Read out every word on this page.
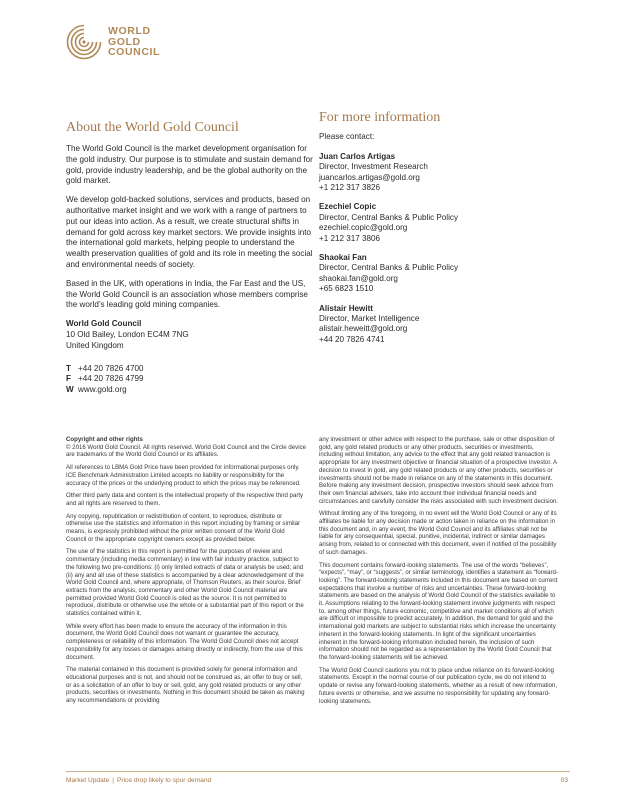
WORLD
GOLD
COUNCIL
About the World Gold Council

The World Gold Council is the market development organisation for the gold industry. Our purpose is to stimulate and sustain demand for gold, provide industry leadership, and be the global authority on the gold market.

We develop gold-backed solutions, services and products, based on authoritative market insight and we work with a range of partners to put our ideas into action. As a result, we create structural shifts in demand for gold across key market sectors. We provide insights into the international gold markets, helping people to understand the wealth preservation qualities of gold and its role in meeting the social and environmental needs of society.

Based in the UK, with operations in India, the Far East and the US, the World Gold Council is an association whose members comprise the world’s leading gold mining companies.

World Gold Council
10 Old Bailey, London EC4M 7NG
United Kingdom
T +44 20 7826 4700
F +44 20 7826 4799
W www.gold.org
For more information
Please contact:
Juan Carlos Artigas
Director, Investment Research
juancarlos.artigas@gold.org
+1 212 317 3826
Ezechiel Copic
Director, Central Banks & Public Policy
ezechiel.copic@gold.org
+1 212 317 3806
Shaokai Fan
Director, Central Banks & Public Policy
shaokai.fan@gold.org
+65 6823 1510
Alistair Hewitt
Director, Market Intelligence
alistair.heweitt@gold.org
+44 20 7826 4741

Copyright and other rights

© 2016 World Gold Council. All rights reserved. World Gold Council and the Circle device are trademarks of the World Gold Council or its affiliates.

All references to LBMA Gold Price have been provided for informational purposes only. ICE Benchmark Administration Limited accepts no liability or responsibility for the accuracy of the prices or the underlying product to which the prices may be referenced.

Other third party data and content is the intellectual property of the respective third party and all rights are reserved to them.

Any copying, republication or redistribution of content, to reproduce, distribute or otherwise use the statistics and information in this report including by framing or similar means, is expressly prohibited without the prior written consent of the World Gold Council or the appropriate copyright owners except as provided below.

The use of the statistics in this report is permitted for the purposes of review and commentary (including media commentary) in line with fair industry practice, subject to the following two pre-conditions: (i) only limited extracts of data or analysis be used; and (ii) any and all use of these statistics is accompanied by a clear acknowledgement of the World Gold Council and, where appropriate, of Thomson Reuters, as their source. Brief extracts from the analysis, commentary and other World Gold Council material are permitted provided World Gold Council is cited as the source. It is not permitted to reproduce, distribute or otherwise use the whole or a substantial part of this report or the statistics contained within it.

While every effort has been made to ensure the accuracy of the information in this document, the World Gold Council does not warrant or guarantee the accuracy, completeness or reliability of this information. The World Gold Council does not accept responsibility for any losses or damages arising directly or indirectly, from the use of this document.

The material contained in this document is provided solely for general information and educational purposes and is not, and should not be construed as, an offer to buy or sell, or as a solicitation of an offer to buy or sell, gold, any gold related products or any other products, securities or investments. Nothing in this document should be taken as making any recommendations or providing

any investment or other advice with respect to the purchase, sale or other disposition of gold, any gold related products or any other products, securities or investments, including without limitation, any advice to the effect that any gold related transaction is appropriate for any investment objective or financial situation of a prospective investor. A decision to invest in gold, any gold related products or any other products, securities or investments should not be made in reliance on any of the statements in this document. Before making any investment decision, prospective investors should seek advice from their own financial advisers, take into account their individual financial needs and circumstances and carefully consider the risks associated with such investment decision.

Without limiting any of the foregoing, in no event will the World Gold Council or any of its affiliates be liable for any decision made or action taken in reliance on the information in this document and, in any event, the World Gold Council and its affiliates shall not be liable for any consequential, special, punitive, incidental, indirect or similar damages arising from, related to or connected with this document, even if notified of the possibility of such damages.

This document contains forward-looking statements. The use of the words “believes”, “expects”, “may”, or “suggests”, or similar terminology, identifies a statement as “forward-looking”. The forward-looking statements included in this document are based on current expectations that involve a number of risks and uncertainties. These forward-looking statements are based on the analysis of World Gold Council of the statistics available to it. Assumptions relating to the forward-looking statement involve judgments with respect to, among other things, future economic, competitive and market conditions all of which are difficult or impossible to predict accurately. In addition, the demand for gold and the international gold markets are subject to substantial risks which increase the uncertainty inherent in the forward-looking statements. In light of the significant uncertainties inherent in the forward-looking information included herein, the inclusion of such information should not be regarded as a representation by the World Gold Council that the forward-looking statements will be achieved.

The World Gold Council cautions you not to place undue reliance on its forward-looking statements. Except in the normal course of our publication cycle, we do not intend to update or revise any forward-looking statements, whether as a result of new information, future events or otherwise, and we assume no responsibility for updating any forward-looking statements.

Market Update | Price drop likely to spur demand	03
